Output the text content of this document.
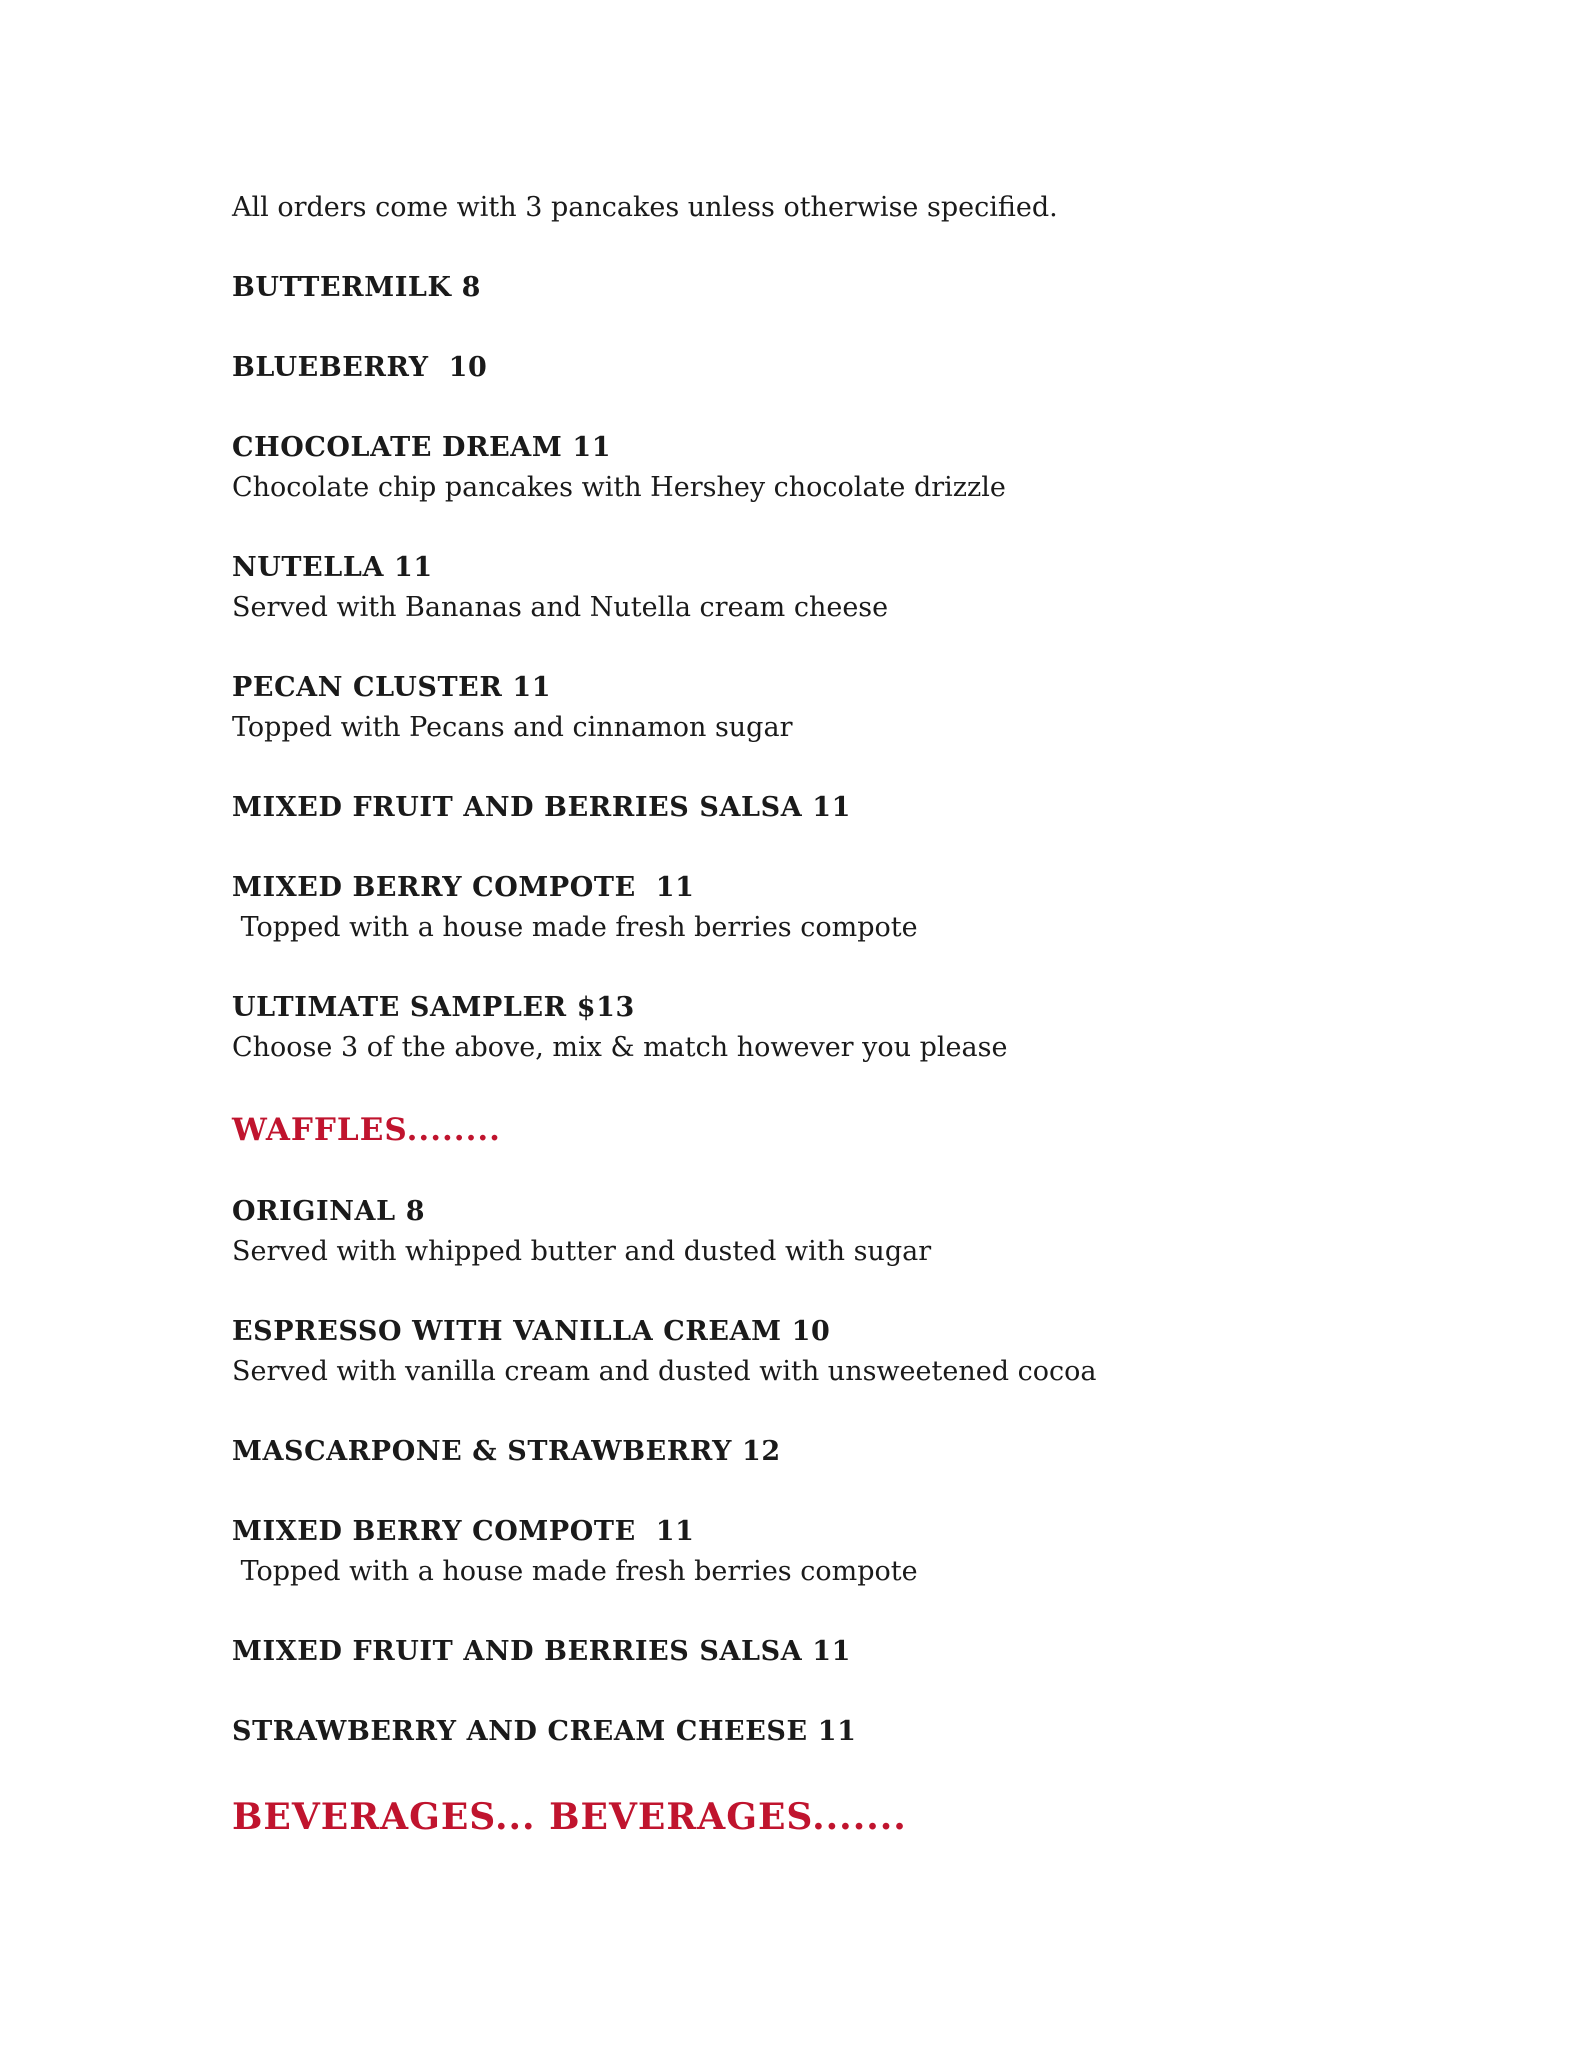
All orders come with 3 pancakes unless otherwise specified.
BUTTERMILK 8
BLUEBERRY  10
CHOCOLATE DREAM 11
Chocolate chip pancakes with Hershey chocolate drizzle
NUTELLA 11
Served with Bananas and Nutella cream cheese
PECAN CLUSTER 11
Topped with Pecans and cinnamon sugar
MIXED FRUIT AND BERRIES SALSA 11
MIXED BERRY COMPOTE  11
Topped with a house made fresh berries compote
ULTIMATE SAMPLER $13
Choose 3 of the above, mix & match however you please
WAFFLES........
ORIGINAL 8
Served with whipped butter and dusted with sugar
ESPRESSO WITH VANILLA CREAM 10
Served with vanilla cream and dusted with unsweetened cocoa
MASCARPONE & STRAWBERRY 12
MIXED BERRY COMPOTE  11
Topped with a house made fresh berries compote
MIXED FRUIT AND BERRIES SALSA 11
STRAWBERRY AND CREAM CHEESE 11
BEVERAGES... BEVERAGES.......
